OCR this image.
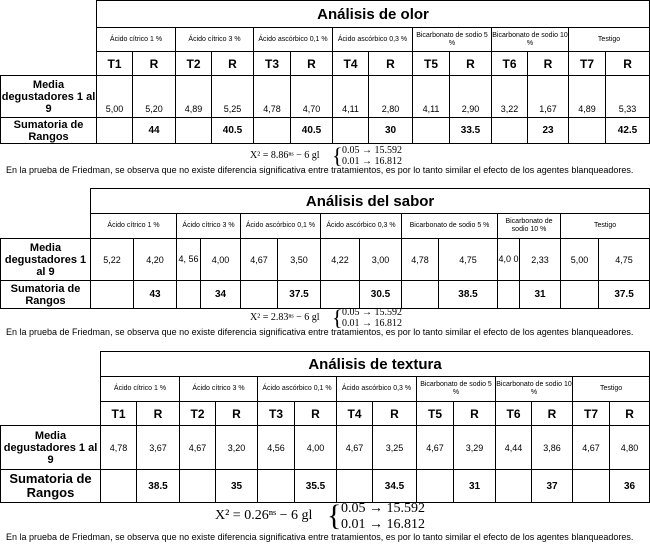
	Análisis de olor													
	Ácido cítrico 1 %		Ácido cítrico 3 %		Ácido ascórbico 0,1 %		Ácido ascórbico 0,3 %		Bicarbonato de sodio 5 %		Bicarbonato de sodio 10 %		Testigo	
	T1	R	T2	R	T3	R	T4	R	T5	R	T6	R	T7	R
Media degustadores 1 al 9	5,00	5,20	4,89	5,25	4,78	4,70	4,11	2,80	4,11	2,90	3,22	1,67	4,89	5,33
Sumatoria de Rangos		44		40.5		40.5		30		33.5		23		42.5
X² = 8.86ⁿˢ − 6 gl { 0.05 → 15.592
0.01 → 16.812
En la prueba de Friedman, se observa que no existe diferencia significativa entre tratamientos, es por lo tanto similar el efecto de los agentes blanqueadores.
	Análisis del sabor													
	Ácido cítrico 1 %		Ácido cítrico 3 %		Ácido ascórbico 0,1 %		Ácido ascórbico 0,3 %		Bicarbonato de sodio 5 %		Bicarbonato de sodio 10 %		Testigo	
Media degustadores 1 al 9	5,22	4,20	4, 56	4,00	4,67	3,50	4,22	3,00	4,78	4,75	4,0 0	2,33	5,00	4,75
Sumatoria de Rangos		43		34		37.5		30.5		38.5		31		37.5
X² = 2.83ⁿˢ − 6 gl { 0.05 → 15.592
0.01 → 16.812
En la prueba de Friedman, se observa que no existe diferencia significativa entre tratamientos, es por lo tanto similar el efecto de los agentes blanqueadores.
	Análisis de textura													
	Ácido cítrico 1 %		Ácido cítrico 3 %		Ácido ascórbico 0,1 %		Ácido ascórbico 0,3 %		Bicarbonato de sodio 5 %		Bicarbonato de sodio 10 %		Testigo	
	T1	R	T2	R	T3	R	T4	R	T5	R	T6	R	T7	R
Media degustadores 1 al 9	4,78	3,67	4,67	3,20	4,56	4,00	4,67	3,25	4,67	3,29	4,44	3,86	4,67	4,80
Sumatoria de Rangos		38.5		35		35.5		34.5		31		37		36
X² = 0.26ⁿˢ − 6 gl { 0.05 → 15.592
0.01 → 16.812
En la prueba de Friedman, se observa que no existe diferencia significativa entre tratamientos, es por lo tanto similar el efecto de los agentes blanqueadores.
